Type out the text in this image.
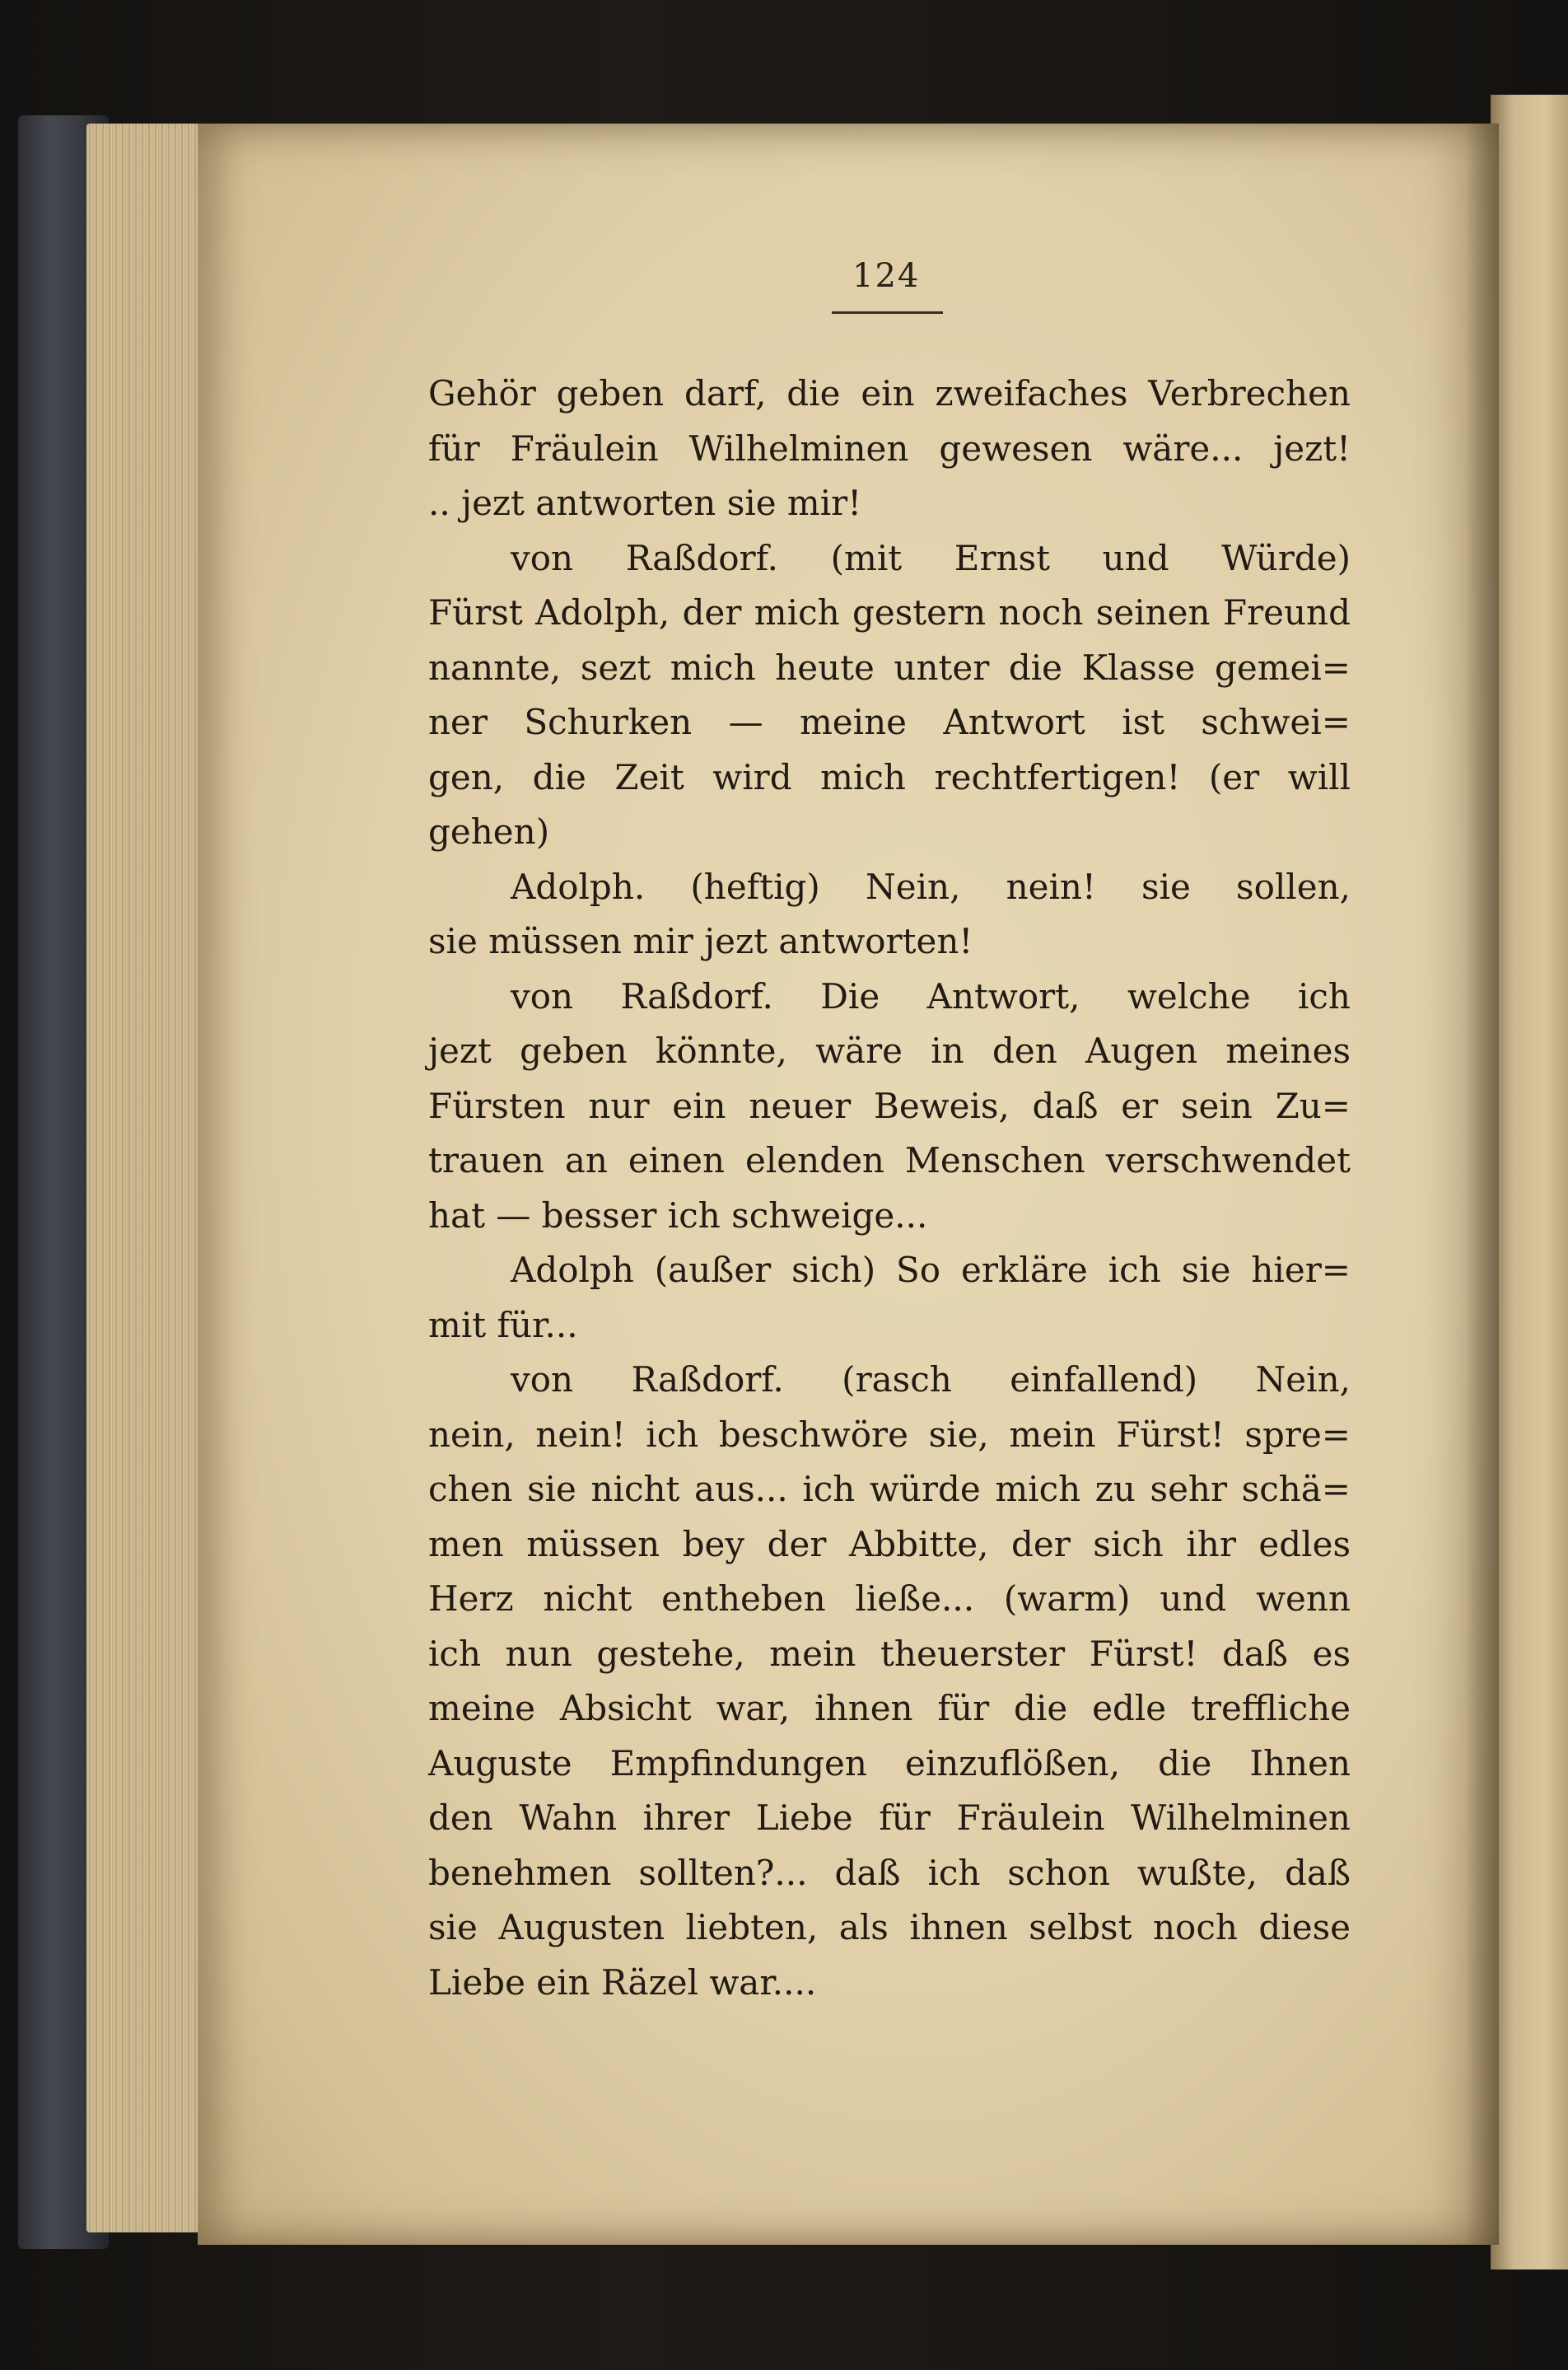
124
Gehör geben darf, die ein zweifaches Verbrechen
für Fräulein Wilhelminen gewesen wäre... jezt!
.. jezt antworten sie mir!
von Raßdorf. (mit Ernst und Würde)
Fürst Adolph, der mich gestern noch seinen Freund
nannte, sezt mich heute unter die Klasse gemei=
ner Schurken — meine Antwort ist schwei=
gen, die Zeit wird mich rechtfertigen! (er will
gehen)
Adolph. (heftig) Nein, nein! sie sollen,
sie müssen mir jezt antworten!
von Raßdorf. Die Antwort, welche ich
jezt geben könnte, wäre in den Augen meines
Fürsten nur ein neuer Beweis, daß er sein Zu=
trauen an einen elenden Menschen verschwendet
hat — besser ich schweige...
Adolph (außer sich) So erkläre ich sie hier=
mit für...
von Raßdorf. (rasch einfallend) Nein,
nein, nein! ich beschwöre sie, mein Fürst! spre=
chen sie nicht aus... ich würde mich zu sehr schä=
men müssen bey der Abbitte, der sich ihr edles
Herz nicht entheben ließe... (warm) und wenn
ich nun gestehe, mein theuerster Fürst! daß es
meine Absicht war, ihnen für die edle treffliche
Auguste Empfindungen einzuflößen, die Ihnen
den Wahn ihrer Liebe für Fräulein Wilhelminen
benehmen sollten?... daß ich schon wußte, daß
sie Augusten liebten, als ihnen selbst noch diese
Liebe ein Räzel war....
